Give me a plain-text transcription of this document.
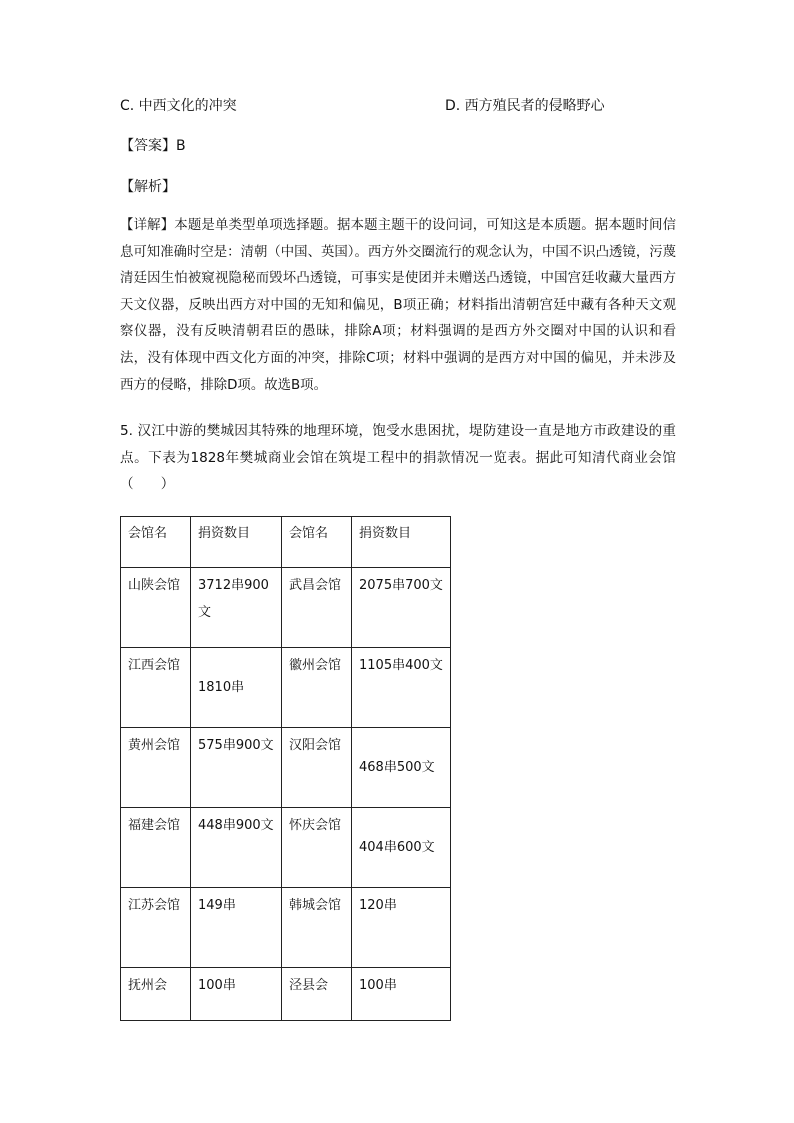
C. 中西文化的冲突	D. 西方殖民者的侵略野心
【答案】B
【解析】
【详解】本题是单类型单项选择题。据本题主题干的设问词，可知这是本质题。据本题时间信息可知准确时空是：清朝（中国、英国）。西方外交圈流行的观念认为，中国不识凸透镜，污蔑清廷因生怕被窥视隐秘而毁坏凸透镜，可事实是使团并未赠送凸透镜，中国宫廷收藏大量西方天文仪器，反映出西方对中国的无知和偏见，B项正确；材料指出清朝宫廷中藏有各种天文观察仪器，没有反映清朝君臣的愚昧，排除A项；材料强调的是西方外交圈对中国的认识和看法，没有体现中西文化方面的冲突，排除C项；材料中强调的是西方对中国的偏见，并未涉及西方的侵略，排除D项。故选B项。
5. 汉江中游的樊城因其特殊的地理环境，饱受水患困扰，堤防建设一直是地方市政建设的重点。下表为1828年樊城商业会馆在筑堤工程中的捐款情况一览表。据此可知清代商业会馆（　　）
会馆名	捐资数目	会馆名	捐资数目
山陕会馆	3712串900文	武昌会馆	2075串700文
江西会馆	1810串	徽州会馆	1105串400文
黄州会馆	575串900文	汉阳会馆	468串500文
福建会馆	448串900文	怀庆会馆	404串600文
江苏会馆	149串	韩城会馆	120串
抚州会	100串	泾县会	100串
